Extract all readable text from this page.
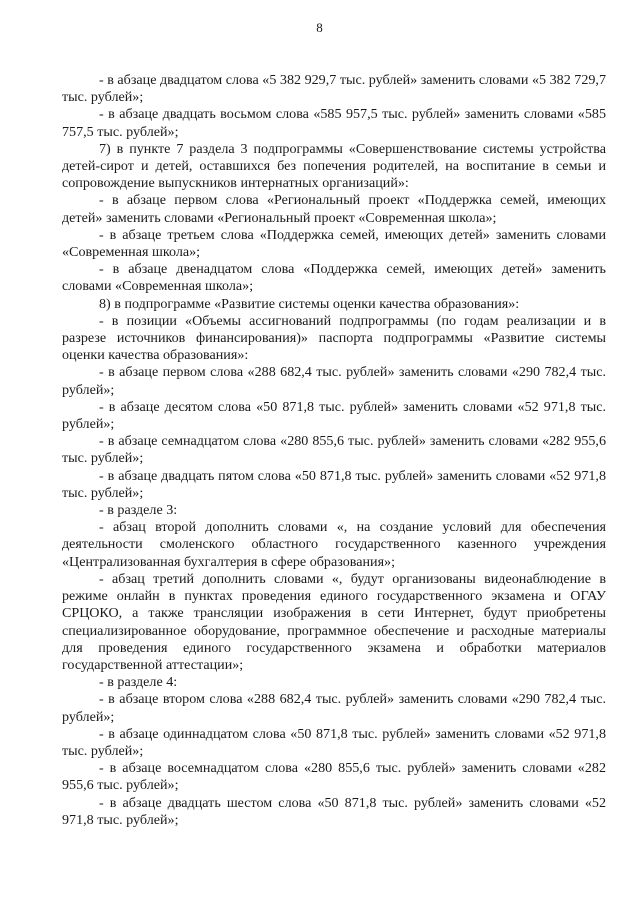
8

- в абзаце двадцатом слова «5 382 929,7 тыс. рублей» заменить словами «5 382 729,7 тыс. рублей»;

- в абзаце двадцать восьмом слова «585 957,5 тыс. рублей» заменить словами «585 757,5 тыс. рублей»;

7) в пункте 7 раздела 3 подпрограммы «Совершенствование системы устройства детей-сирот и детей, оставшихся без попечения родителей, на воспитание в семьи и сопровождение выпускников интернатных организаций»:

- в абзаце первом слова «Региональный проект «Поддержка семей, имеющих детей» заменить словами «Региональный проект «Современная школа»;

- в абзаце третьем слова «Поддержка семей, имеющих детей» заменить словами «Современная школа»;

- в абзаце двенадцатом слова «Поддержка семей, имеющих детей» заменить словами «Современная школа»;

8) в подпрограмме «Развитие системы оценки качества образования»:

- в позиции «Объемы ассигнований подпрограммы (по годам реализации и в разрезе источников финансирования)» паспорта подпрограммы «Развитие системы оценки качества образования»:

- в абзаце первом слова «288 682,4 тыс. рублей» заменить словами «290 782,4 тыс. рублей»;

- в абзаце десятом слова «50 871,8 тыс. рублей» заменить словами «52 971,8 тыс. рублей»;

- в абзаце семнадцатом слова «280 855,6 тыс. рублей» заменить словами «282 955,6 тыс. рублей»;

- в абзаце двадцать пятом слова «50 871,8 тыс. рублей» заменить словами «52 971,8 тыс. рублей»;

- в разделе 3:

- абзац второй дополнить словами «, на создание условий для обеспечения деятельности смоленского областного государственного казенного учреждения «Централизованная бухгалтерия в сфере образования»;

- абзац третий дополнить словами «, будут организованы видеонаблюдение в режиме онлайн в пунктах проведения единого государственного экзамена и ОГАУ СРЦОКО, а также трансляции изображения в сети Интернет, будут приобретены специализированное оборудование, программное обеспечение и расходные материалы для проведения единого государственного экзамена и обработки материалов государственной аттестации»;

- в разделе 4:

- в абзаце втором слова «288 682,4 тыс. рублей» заменить словами «290 782,4 тыс. рублей»;

- в абзаце одиннадцатом слова «50 871,8 тыс. рублей» заменить словами «52 971,8 тыс. рублей»;

- в абзаце восемнадцатом слова «280 855,6 тыс. рублей» заменить словами «282 955,6 тыс. рублей»;

- в абзаце двадцать шестом слова «50 871,8 тыс. рублей» заменить словами «52 971,8 тыс. рублей»;
